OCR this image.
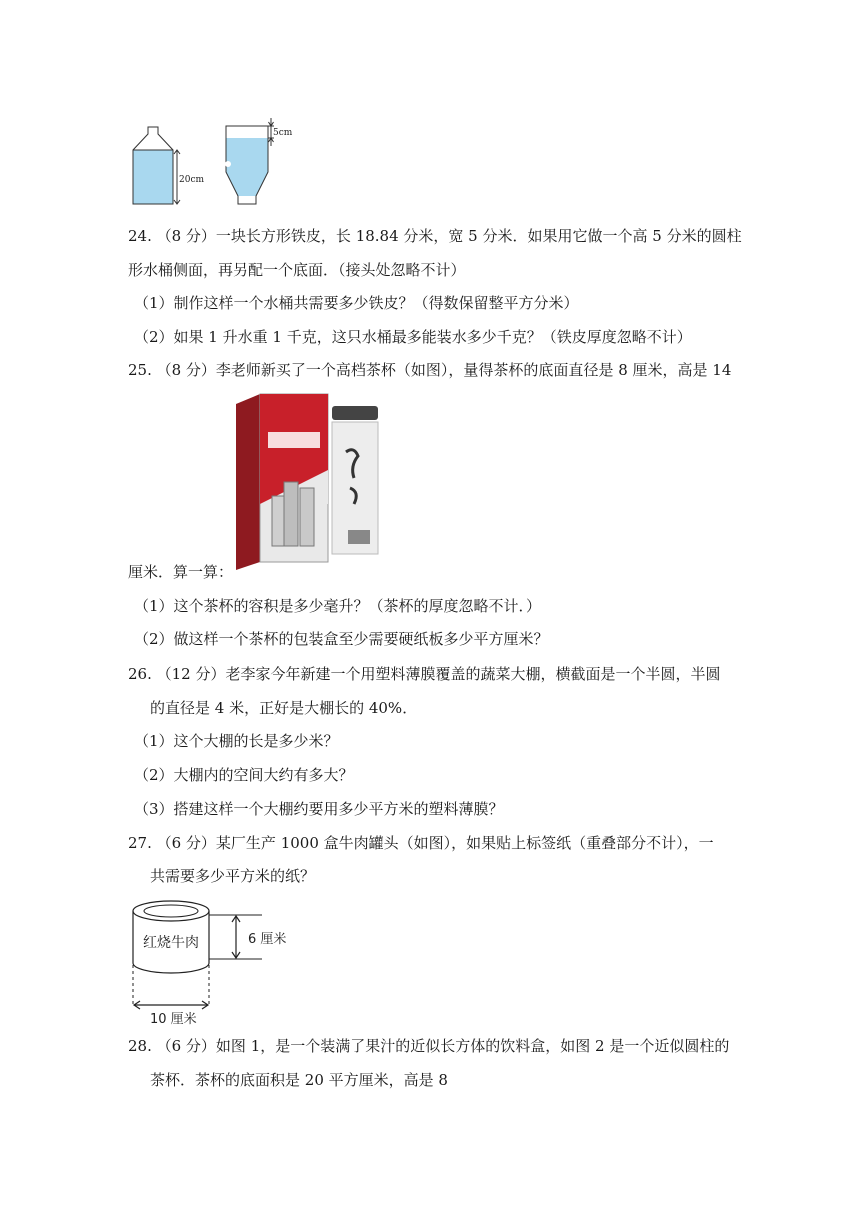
20cm
5cm
24. （8 分）一块长方形铁皮，长 18.84 分米，宽 5 分米．如果用它做一个高 5 分米的圆柱
形水桶侧面，再另配一个底面．（接头处忽略不计）
（1）制作这样一个水桶共需要多少铁皮？（得数保留整平方分米）
（2）如果 1 升水重 1 千克，这只水桶最多能装水多少千克？（铁皮厚度忽略不计）
25. （8 分）李老师新买了一个高档茶杯（如图），量得茶杯的底面直径是 8 厘米，高是 14
厘米．算一算：
（1）这个茶杯的容积是多少毫升？（茶杯的厚度忽略不计．）
（2）做这样一个茶杯的包装盒至少需要硬纸板多少平方厘米？
26. （12 分）老李家今年新建一个用塑料薄膜覆盖的蔬菜大棚，横截面是一个半圆，半圆
的直径是 4 米，正好是大棚长的 40%．
（1）这个大棚的长是多少米？
（2）大棚内的空间大约有多大？
（3）搭建这样一个大棚约要用多少平方米的塑料薄膜？
27. （6 分）某厂生产 1000 盒牛肉罐头（如图），如果贴上标签纸（重叠部分不计），一
共需要多少平方米的纸？
红烧牛肉	6 厘米
10 厘米
28. （6 分）如图 1，是一个装满了果汁的近似长方体的饮料盒，如图 2 是一个近似圆柱的
茶杯．茶杯的底面积是 20 平方厘米，高是 8
